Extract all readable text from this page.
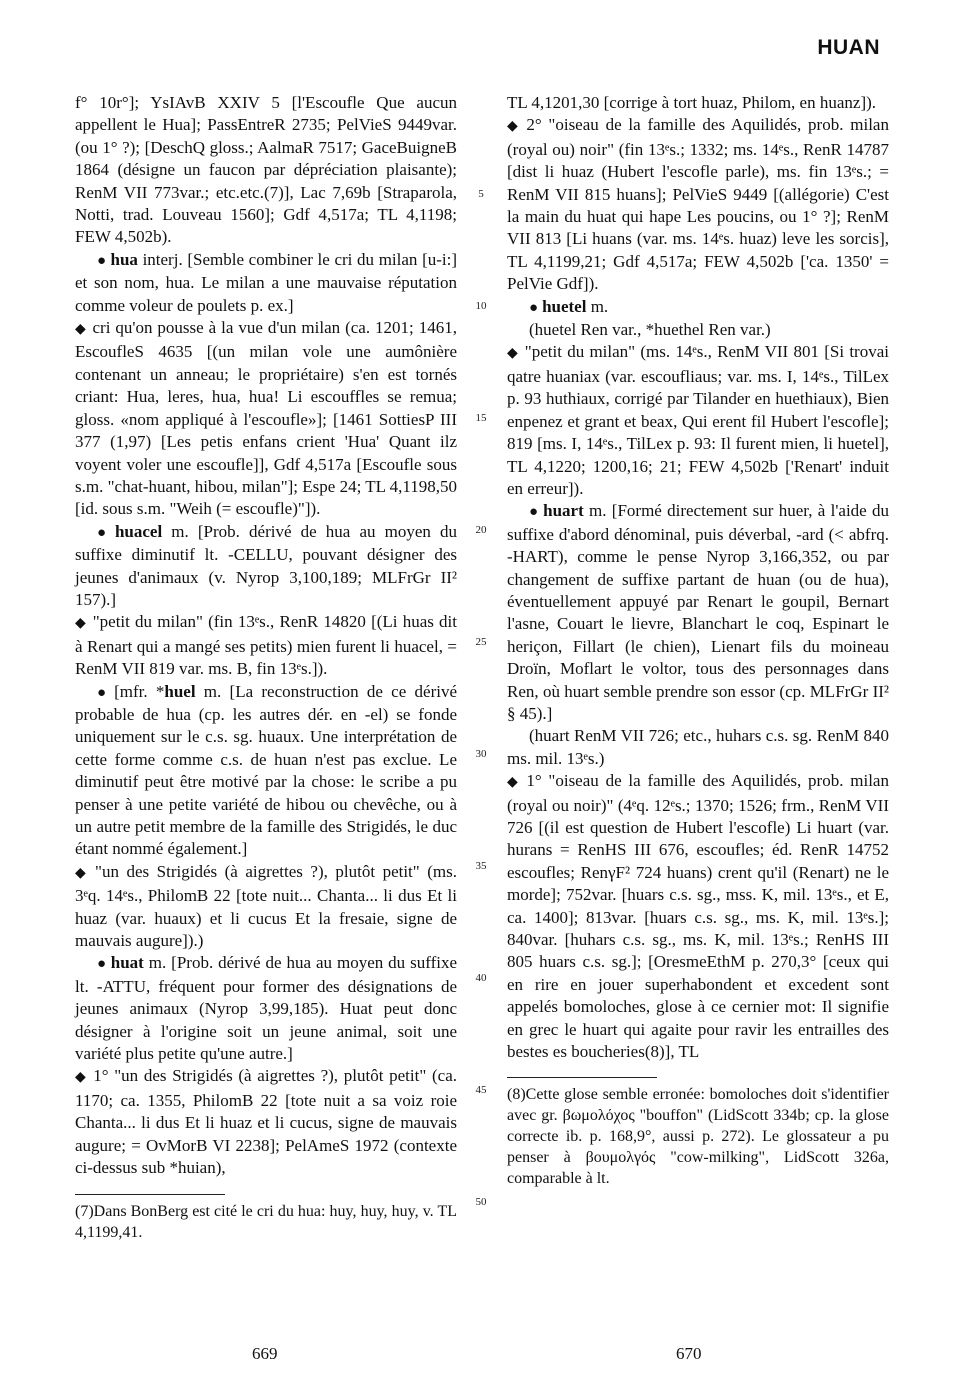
HUAN

f° 10r°]; YsIAvB XXIV 5 [l'Escoufle Que aucun appellent le Hua]; PassEntreR 2735; PelVieS 9449var. (ou 1° ?); [DeschQ gloss.; AalmaR 7517; GaceBuigneB 1864 (désigne un faucon par dépréciation plaisante); RenM VII 773var.; etc.etc.(7)], Lac 7,69b [Straparola, Notti, trad. Louveau 1560]; Gdf 4,517a; TL 4,1198; FEW 4,502b).

● hua interj. [Semble combiner le cri du milan [u-i:] et son nom, hua. Le milan a une mauvaise réputation comme voleur de poulets p. ex.]

◆ cri qu'on pousse à la vue d'un milan (ca. 1201; 1461, EscoufleS 4635 [(un milan vole une aumônière contenant un anneau; le propriétaire) s'en est tornés criant: Hua, leres, hua, hua! Li escouffles se remua; gloss. «nom appliqué à l'escoufle»]; [1461 SottiesP III 377 (1,97) [Les petis enfans crient 'Hua' Quant ilz voyent voler une escoufle]], Gdf 4,517a [Escoufle sous s.m. "chat-huant, hibou, milan"]; Espe 24; TL 4,1198,50 [id. sous s.m. "Weih (= escoufle)"]).

● huacel m. [Prob. dérivé de hua au moyen du suffixe diminutif lt. -CELLU, pouvant désigner des jeunes d'animaux (v. Nyrop 3,100,189; MLFrGr II² 157).]

◆ "petit du milan" (fin 13ᵉs., RenR 14820 [(Li huas dit à Renart qui a mangé ses petits) mien furent li huacel, = RenM VII 819 var. ms. B, fin 13ᵉs.]).

● [mfr. *huel m. [La reconstruction de ce dérivé probable de hua (cp. les autres dér. en -el) se fonde uniquement sur le c.s. sg. huaux. Une interprétation de cette forme comme c.s. de huan n'est pas exclue. Le diminutif peut être motivé par la chose: le scribe a pu penser à une petite variété de hibou ou chevêche, ou à un autre petit membre de la famille des Strigidés, le duc étant nommé également.]

◆ "un des Strigidés (à aigrettes ?), plutôt petit" (ms. 3ᵉq. 14ᵉs., PhilomB 22 [tote nuit... Chanta... li dus Et li huaz (var. huaux) et li cucus Et la fresaie, signe de mauvais augure]).)

● huat m. [Prob. dérivé de hua au moyen du suffixe lt. -ATTU, fréquent pour former des désignations de jeunes animaux (Nyrop 3,99,185). Huat peut donc désigner à l'origine soit un jeune animal, soit une variété plus petite qu'une autre.]

◆ 1° "un des Strigidés (à aigrettes ?), plutôt petit" (ca. 1170; ca. 1355, PhilomB 22 [tote nuit a sa voiz roie Chanta... li dus Et li huaz et li cucus, signe de mauvais augure; = OvMorB VI 2238]; PelAmeS 1972 (contexte ci-dessus sub *huian),

(7)Dans BonBerg est cité le cri du hua: huy, huy, huy, v. TL 4,1199,41.

5
10
15
20
25
30
35
40
45
50

TL 4,1201,30 [corrige à tort huaz, Philom, en huanz]).

◆ 2° "oiseau de la famille des Aquilidés, prob. milan (royal ou) noir" (fin 13ᵉs.; 1332; ms. 14ᵉs., RenR 14787 [dist li huaz (Hubert l'escofle parle), ms. fin 13ᵉs.; = RenM VII 815 huans]; PelVieS 9449 [(allégorie) C'est la main du huat qui hape Les poucins, ou 1° ?]; RenM VII 813 [Li huans (var. ms. 14ᵉs. huaz) leve les sorcis], TL 4,1199,21; Gdf 4,517a; FEW 4,502b ['ca. 1350' = PelVie Gdf]).

● huetel m.

(huetel Ren var., *huethel Ren var.)

◆ "petit du milan" (ms. 14ᵉs., RenM VII 801 [Si trovai qatre huaniax (var. escoufliaus; var. ms. I, 14ᵉs., TilLex p. 93 huthiaux, corrigé par Tilander en huethiaux), Bien enpenez et grant et beax, Qui erent fil Hubert l'escofle]; 819 [ms. I, 14ᵉs., TilLex p. 93: Il furent mien, li huetel], TL 4,1220; 1200,16; 21; FEW 4,502b ['Renart' induit en erreur]).

● huart m. [Formé directement sur huer, à l'aide du suffixe d'abord dénominal, puis déverbal, -ard (< abfrq. -HART), comme le pense Nyrop 3,166,352, ou par changement de suffixe partant de huan (ou de hua), éventuellement appuyé par Renart le goupil, Bernart l'asne, Couart le lievre, Blanchart le coq, Espinart le heriçon, Fillart (le chien), Lienart fils du moineau Droïn, Moflart le voltor, tous des personnages dans Ren, où huart semble prendre son essor (cp. MLFrGr II² § 45).]

(huart RenM VII 726; etc., huhars c.s. sg. RenM 840 ms. mil. 13ᵉs.)

◆ 1° "oiseau de la famille des Aquilidés, prob. milan (royal ou noir)" (4ᵉq. 12ᵉs.; 1370; 1526; frm., RenM VII 726 [(il est question de Hubert l'escofle) Li huart (var. hurans = RenHS III 676, escoufles; éd. RenR 14752 escoufles; RenγF² 724 huans) crent qu'il (Renart) ne le morde]; 752var. [huars c.s. sg., mss. K, mil. 13ᵉs., et E, ca. 1400]; 813var. [huars c.s. sg., ms. K, mil. 13ᵉs.]; 840var. [huhars c.s. sg., ms. K, mil. 13ᵉs.; RenHS III 805 huars c.s. sg.]; [OresmeEthM p. 270,3° [ceux qui en rire en jouer superhabondent et excedent sont appelés bomoloches, glose à ce cernier mot: Il signifie en grec le huart qui agaite pour ravir les entrailles des bestes es boucheries(8)], TL

(8)Cette glose semble erronée: bomoloches doit s'identifier avec gr. βωμολόχος "bouffon" (LidScott 334b; cp. la glose correcte ib. p. 168,9°, aussi p. 272). Le glossateur a pu penser à βουμολγός "cow-milking", LidScott 326a, comparable à lt.

669	670
